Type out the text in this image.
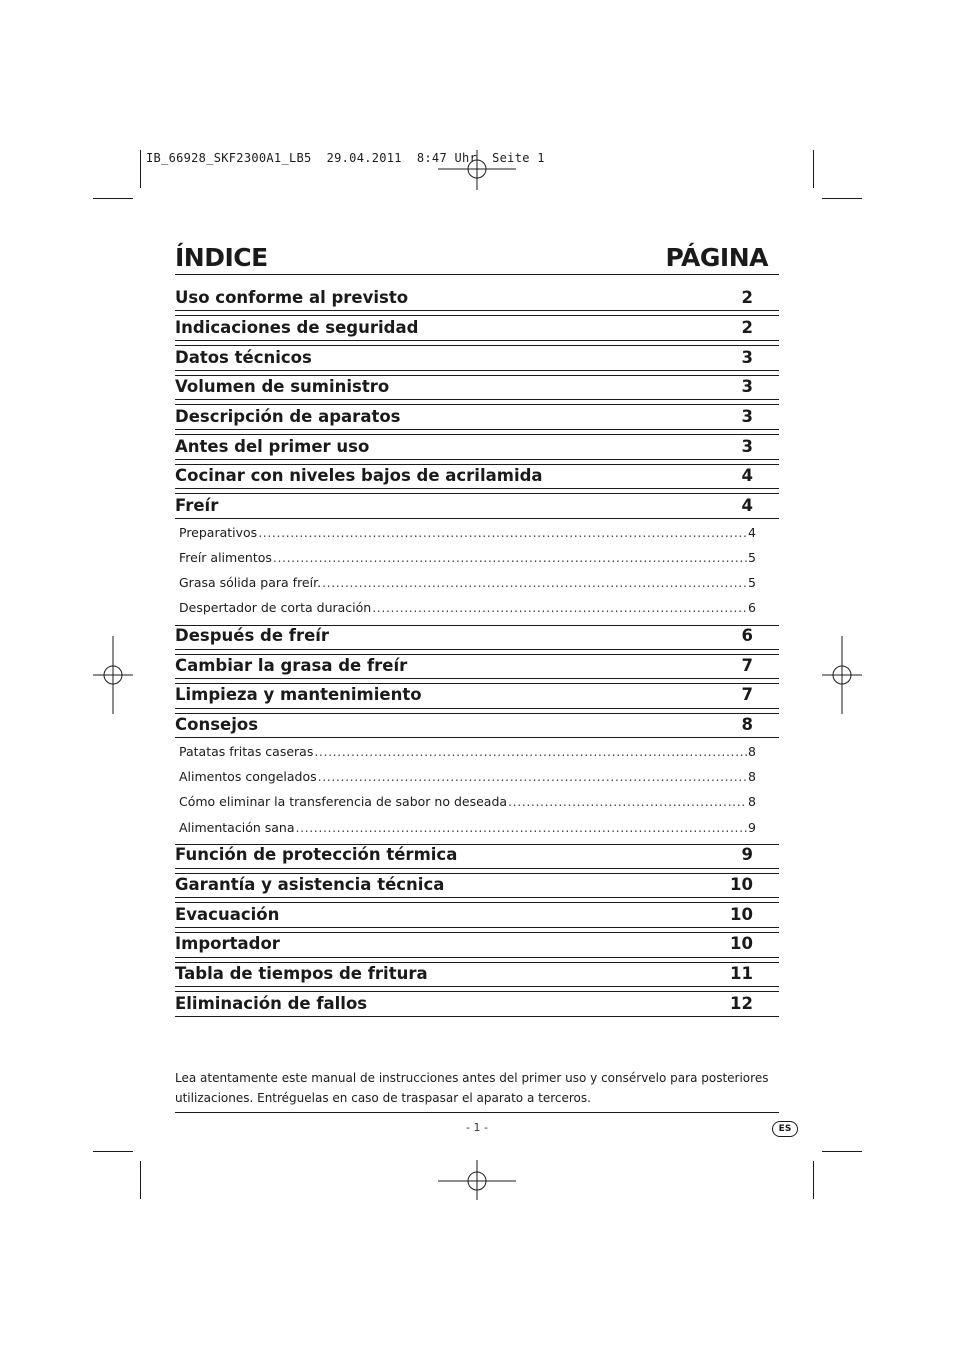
IB_66928_SKF2300A1_LB5  29.04.2011  8:47 Uhr  Seite 1
ÍNDICE	PÁGINA
Uso conforme al previsto	2
Indicaciones de seguridad	2
Datos técnicos	3
Volumen de suministro	3
Descripción de aparatos	3
Antes del primer uso	3
Cocinar con niveles bajos de acrilamida	4
Freír	4
Preparativos .....	4
Freír alimentos .....	5
Grasa sólida para freír. .....	5
Despertador de corta duración .....	6
Después de freír	6
Cambiar la grasa de freír	7
Limpieza y mantenimiento	7
Consejos	8
Patatas fritas caseras .....	8
Alimentos congelados .....	8
Cómo eliminar la transferencia de sabor no deseada .....	8
Alimentación sana .....	9
Función de protección térmica	9
Garantía y asistencia técnica	10
Evacuación	10
Importador	10
Tabla de tiempos de fritura	11
Eliminación de fallos	12
Lea atentamente este manual de instrucciones antes del primer uso y consérvelo para posteriores utilizaciones. Entréguelas en caso de traspasar el aparato a terceros.
- 1 -	ES
